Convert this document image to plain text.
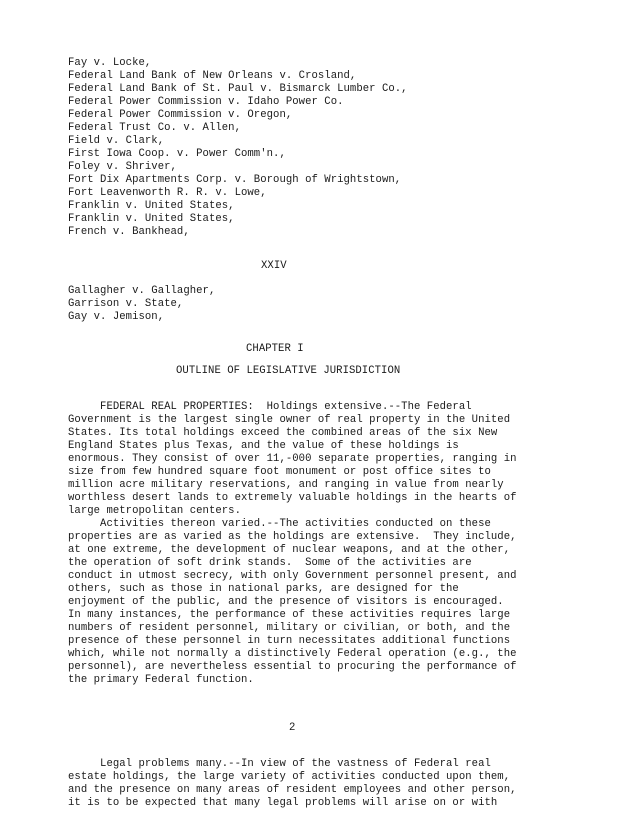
Fay v. Locke,
Federal Land Bank of New Orleans v. Crosland,
Federal Land Bank of St. Paul v. Bismarck Lumber Co.,
Federal Power Commission v. Idaho Power Co.
Federal Power Commission v. Oregon,
Federal Trust Co. v. Allen,
Field v. Clark,
First Iowa Coop. v. Power Comm'n.,
Foley v. Shriver,
Fort Dix Apartments Corp. v. Borough of Wrightstown,
Fort Leavenworth R. R. v. Lowe,
Franklin v. United States,
Franklin v. United States,
French v. Bankhead,
XXIV
Gallagher v. Gallagher,
Garrison v. State,
Gay v. Jemison,
CHAPTER I
OUTLINE OF LEGISLATIVE JURISDICTION
FEDERAL REAL PROPERTIES:  Holdings extensive.--The Federal
Government is the largest single owner of real property in the United
States. Its total holdings exceed the combined areas of the six New
England States plus Texas, and the value of these holdings is
enormous. They consist of over 11,-000 separate properties, ranging in
size from few hundred square foot monument or post office sites to
million acre military reservations, and ranging in value from nearly
worthless desert lands to extremely valuable holdings in the hearts of
large metropolitan centers.
Activities thereon varied.--The activities conducted on these
properties are as varied as the holdings are extensive.  They include,
at one extreme, the development of nuclear weapons, and at the other,
the operation of soft drink stands.  Some of the activities are
conduct in utmost secrecy, with only Government personnel present, and
others, such as those in national parks, are designed for the
enjoyment of the public, and the presence of visitors is encouraged.
In many instances, the performance of these activities requires large
numbers of resident personnel, military or civilian, or both, and the
presence of these personnel in turn necessitates additional functions
which, while not normally a distinctively Federal operation (e.g., the
personnel), are nevertheless essential to procuring the performance of
the primary Federal function.
2
Legal problems many.--In view of the vastness of Federal real
estate holdings, the large variety of activities conducted upon them,
and the presence on many areas of resident employees and other person,
it is to be expected that many legal problems will arise on or with
